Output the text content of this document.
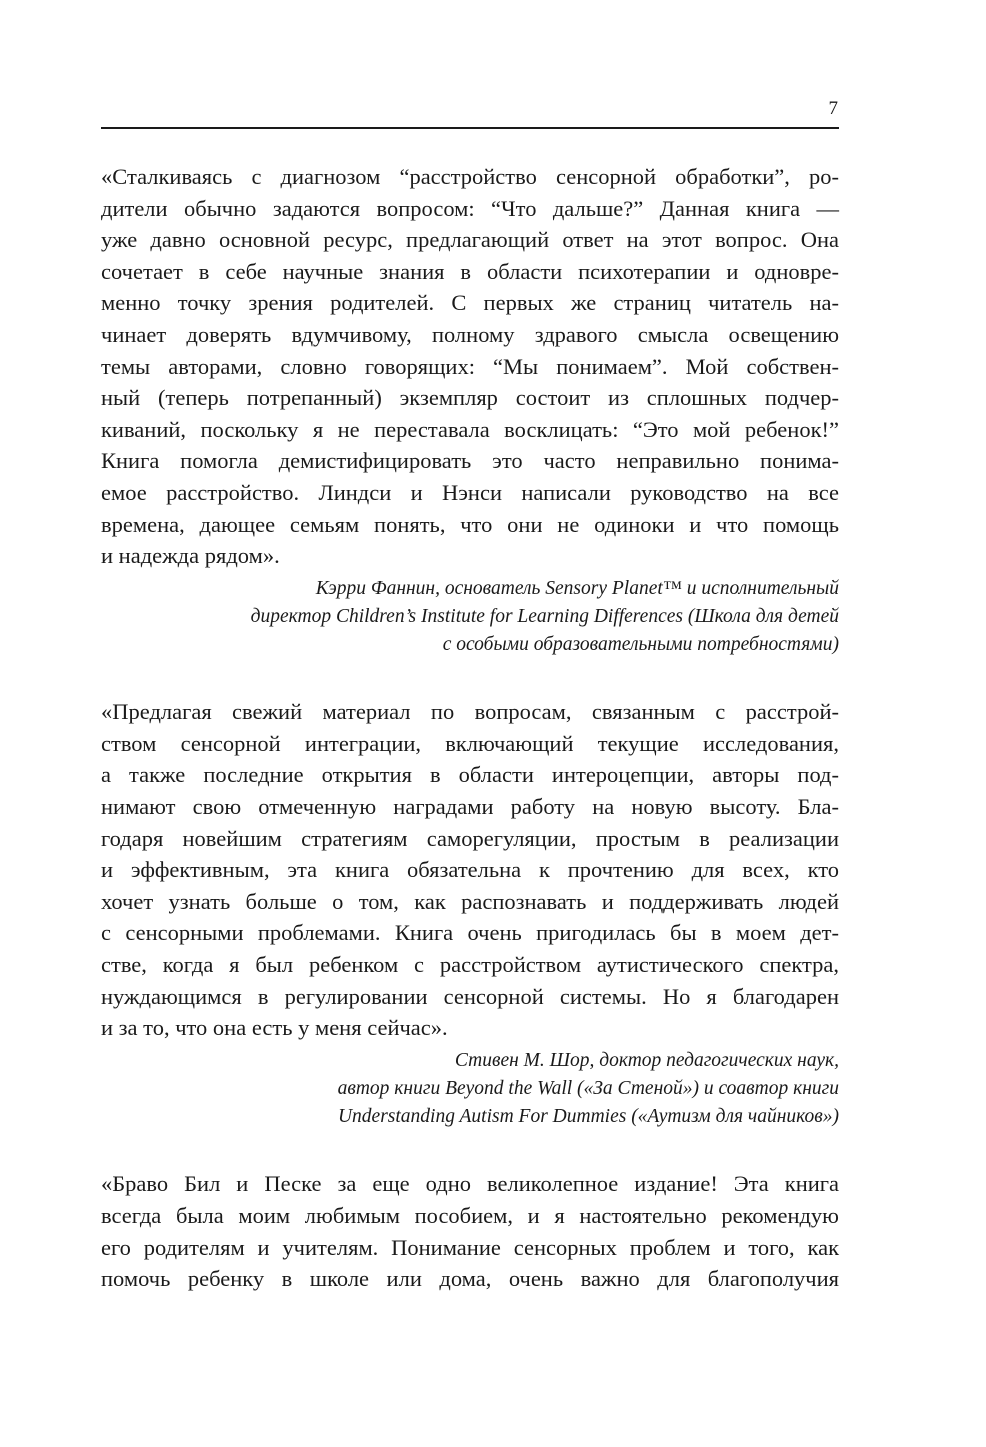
7
«Сталкиваясь с диагнозом “расстройство сенсорной обработки”, ро-
дители обычно задаются вопросом: “Что дальше?” Данная книга —
уже давно основной ресурс, предлагающий ответ на этот вопрос. Она
сочетает в себе научные знания в области психотерапии и одновре-
менно точку зрения родителей. С первых же страниц читатель на-
чинает доверять вдумчивому, полному здравого смысла освещению
темы авторами, словно говорящих: “Мы понимаем”. Мой собствен-
ный (теперь потрепанный) экземпляр состоит из сплошных подчер-
киваний, поскольку я не переставала восклицать: “Это мой ребенок!”
Книга помогла демистифицировать это часто неправильно понима-
емое расстройство. Линдси и Нэнси написали руководство на все
времена, дающее семьям понять, что они не одиноки и что помощь
и надежда рядом».
Кэрри Фаннин, основатель Sensory Planet™ и исполнительный
директор Children’s Institute for Learning Differences (Школа для детей
с особыми образовательными потребностями)
«Предлагая свежий материал по вопросам, связанным с расстрой-
ством сенсорной интеграции, включающий текущие исследования,
а также последние открытия в области интероцепции, авторы под-
нимают свою отмеченную наградами работу на новую высоту. Бла-
годаря новейшим стратегиям саморегуляции, простым в реализации
и эффективным, эта книга обязательна к прочтению для всех, кто
хочет узнать больше о том, как распознавать и поддерживать людей
с сенсорными проблемами. Книга очень пригодилась бы в моем дет-
стве, когда я был ребенком с расстройством аутистического спектра,
нуждающимся в регулировании сенсорной системы. Но я благодарен
и за то, что она есть у меня сейчас».
Стивен М. Шор, доктор педагогических наук,
автор книги Beyond the Wall («За Стеной») и соавтор книги
Understanding Autism For Dummies («Аутизм для чайников»)
«Браво Бил и Песке за еще одно великолепное издание! Эта книга
всегда была моим любимым пособием, и я настоятельно рекомендую
его родителям и учителям. Понимание сенсорных проблем и того, как
помочь ребенку в школе или дома, очень важно для благополучия
